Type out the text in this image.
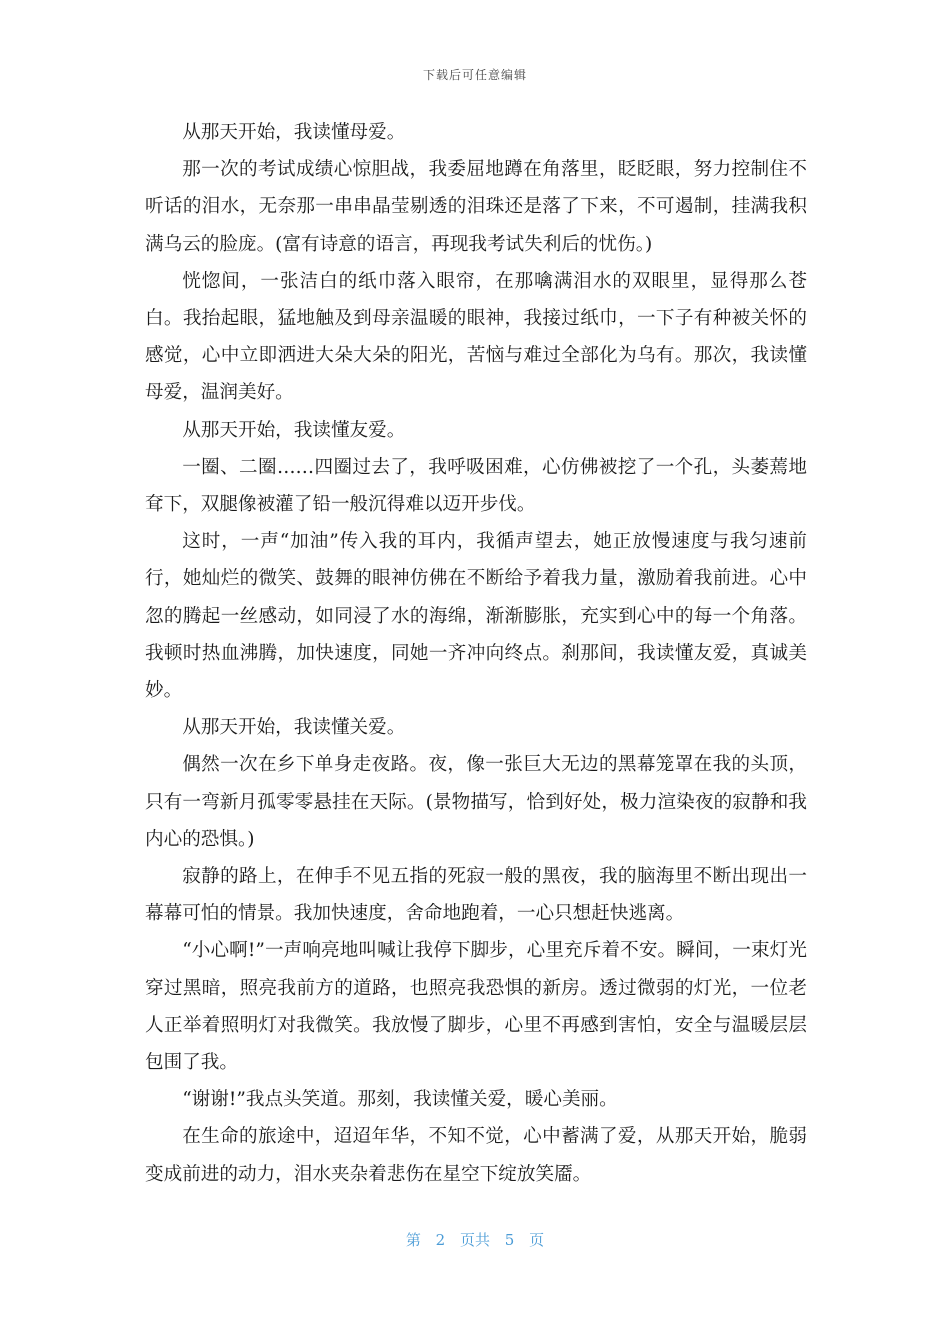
下载后可任意编辑

从那天开始，我读懂母爱。

那一次的考试成绩心惊胆战，我委屈地蹲在角落里，眨眨眼，努力控制住不听话的泪水，无奈那一串串晶莹剔透的泪珠还是落了下来，不可遏制，挂满我积满乌云的脸庞。(富有诗意的语言，再现我考试失利后的忧伤。)

恍惚间，一张洁白的纸巾落入眼帘，在那噙满泪水的双眼里，显得那么苍白。我抬起眼，猛地触及到母亲温暖的眼神，我接过纸巾，一下子有种被关怀的感觉，心中立即洒进大朵大朵的阳光，苦恼与难过全部化为乌有。那次，我读懂母爱，温润美好。

从那天开始，我读懂友爱。

一圈、二圈……四圈过去了，我呼吸困难，心仿佛被挖了一个孔，头萎蔫地耷下，双腿像被灌了铅一般沉得难以迈开步伐。

这时，一声“加油”传入我的耳内，我循声望去，她正放慢速度与我匀速前行，她灿烂的微笑、鼓舞的眼神仿佛在不断给予着我力量，激励着我前进。心中忽的腾起一丝感动，如同浸了水的海绵，渐渐膨胀，充实到心中的每一个角落。我顿时热血沸腾，加快速度，同她一齐冲向终点。刹那间，我读懂友爱，真诚美妙。

从那天开始，我读懂关爱。

偶然一次在乡下单身走夜路。夜，像一张巨大无边的黑幕笼罩在我的头顶，只有一弯新月孤零零悬挂在天际。(景物描写，恰到好处，极力渲染夜的寂静和我内心的恐惧。)

寂静的路上，在伸手不见五指的死寂一般的黑夜，我的脑海里不断出现出一幕幕可怕的情景。我加快速度，舍命地跑着，一心只想赶快逃离。

“小心啊!”一声响亮地叫喊让我停下脚步，心里充斥着不安。瞬间，一束灯光穿过黑暗，照亮我前方的道路，也照亮我恐惧的新房。透过微弱的灯光，一位老人正举着照明灯对我微笑。我放慢了脚步，心里不再感到害怕，安全与温暖层层包围了我。

“谢谢!”我点头笑道。那刻，我读懂关爱，暖心美丽。

在生命的旅途中，迢迢年华，不知不觉，心中蓄满了爱，从那天开始，脆弱变成前进的动力，泪水夹杂着悲伤在星空下绽放笑靥。

第 2 页共 5 页
